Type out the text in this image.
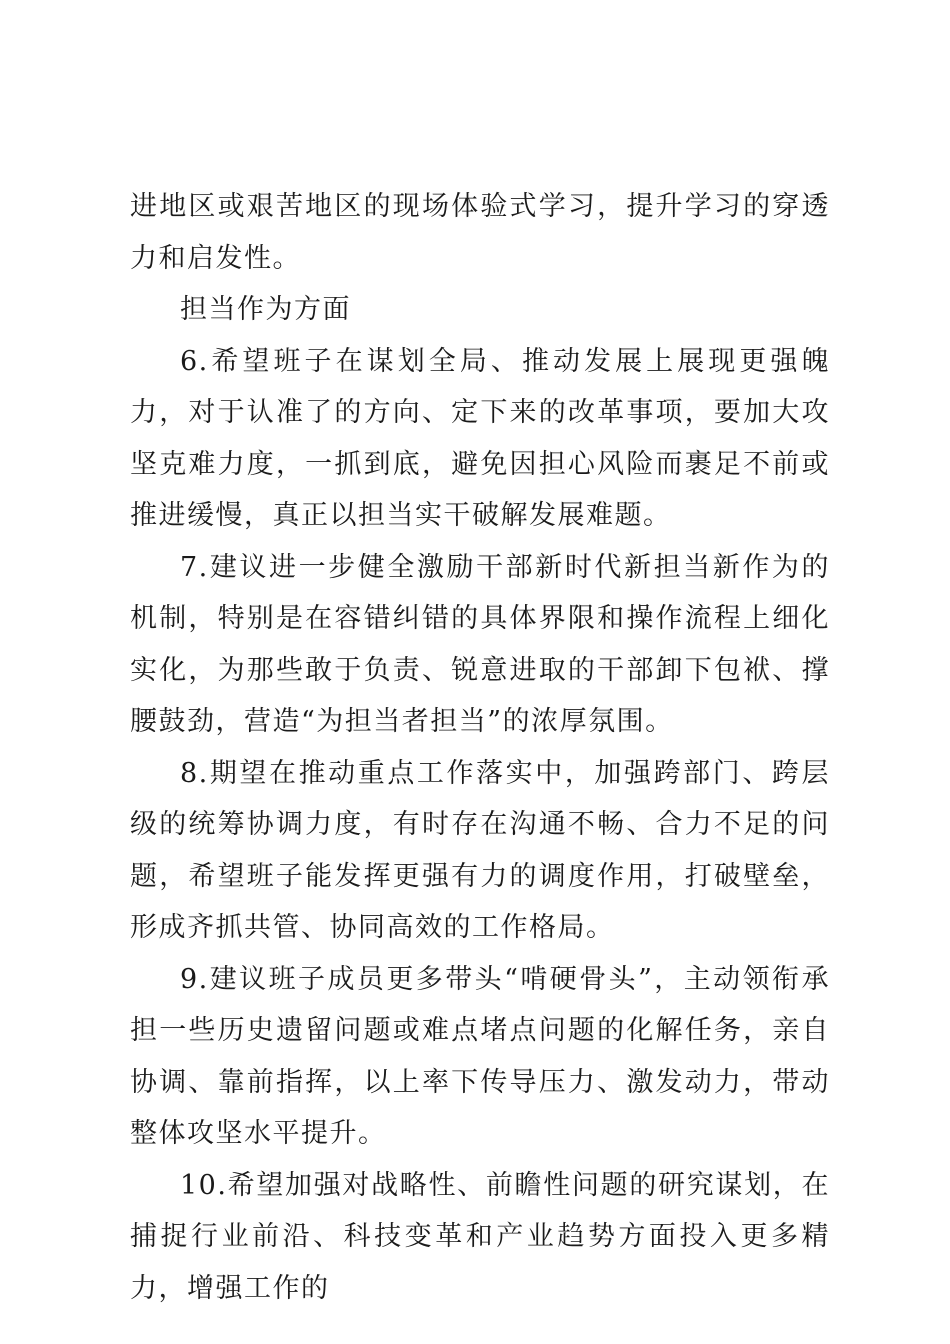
进地区或艰苦地区的现场体验式学习，提升学习的穿透力和启发性。

担当作为方面

6.希望班子在谋划全局、推动发展上展现更强魄力，对于认准了的方向、定下来的改革事项，要加大攻坚克难力度，一抓到底，避免因担心风险而裹足不前或推进缓慢，真正以担当实干破解发展难题。

7.建议进一步健全激励干部新时代新担当新作为的机制，特别是在容错纠错的具体界限和操作流程上细化实化，为那些敢于负责、锐意进取的干部卸下包袱、撑腰鼓劲，营造“为担当者担当”的浓厚氛围。

8.期望在推动重点工作落实中，加强跨部门、跨层级的统筹协调力度，有时存在沟通不畅、合力不足的问题，希望班子能发挥更强有力的调度作用，打破壁垒，形成齐抓共管、协同高效的工作格局。

9.建议班子成员更多带头“啃硬骨头”，主动领衔承担一些历史遗留问题或难点堵点问题的化解任务，亲自协调、靠前指挥，以上率下传导压力、激发动力，带动整体攻坚水平提升。

10.希望加强对战略性、前瞻性问题的研究谋划，在捕捉行业前沿、科技变革和产业趋势方面投入更多精力，增强工作的
